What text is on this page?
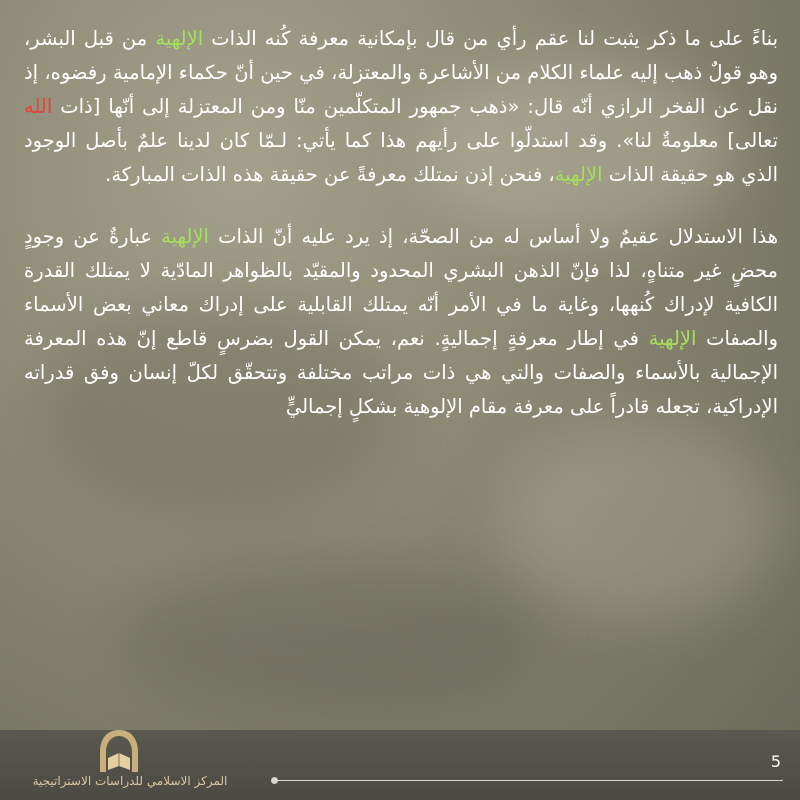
بناءً على ما ذكر يثبت لنا عقم رأي من قال بإمكانية معرفة كُنه الذات الإلهية من قبل البشر، وهو قولٌ ذهب إليه علماء الكلام من الأشاعرة والمعتزلة، في حين أنّ حكماء الإمامية رفضوه، إذ نقل عن الفخر الرازي أنّه قال: «ذهب جمهور المتكلّمين منّا ومن المعتزلة إلى أنّها [ذات الله تعالى] معلومةٌ لنا». وقد استدلّوا على رأيهم هذا كما يأتي: لـمّا كان لدينا علمٌ بأصل الوجود الذي هو حقيقة الذات الإلهية، فنحن إذن نمتلك معرفةً عن حقيقة هذه الذات المباركة.

هذا الاستدلال عقيمٌ ولا أساس له من الصحّة، إذ يرد عليه أنّ الذات الإلهية عبارةٌ عن وجودٍ محضٍ غير متناهٍ، لذا فإنّ الذهن البشري المحدود والمقيّد بالظواهر المادّية لا يمتلك القدرة الكافية لإدراك كُنهها، وغاية ما في الأمر أنّه يمتلك القابلية على إدراك معاني بعض الأسماء والصفات الإلهية في إطار معرفةٍ إجماليةٍ. نعم، يمكن القول بضرسٍ قاطع إنّ هذه المعرفة الإجمالية بالأسماء والصفات والتي هي ذات مراتب مختلفة وتتحقّق لكلّ إنسان وفق قدراته الإدراكية، تجعله قادراً على معرفة مقام الإلوهية بشكلٍ إجماليٍّ

5
المركز الاسلامي للدراسات الاستراتيجية
